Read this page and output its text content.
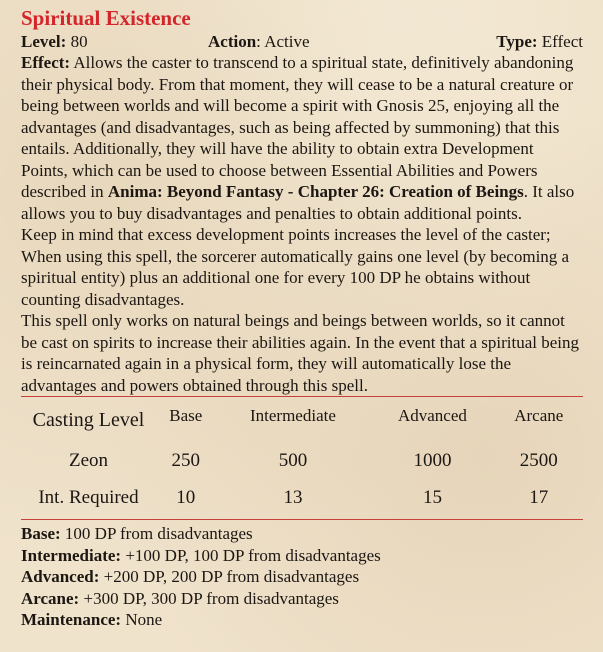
Spiritual Existence
Level: 80	Action: Active	Type: Effect

Effect: Allows the caster to transcend to a spiritual state, definitively abandoning their physical body. From that moment, they will cease to be a natural creature or being between worlds and will become a spirit with Gnosis 25, enjoying all the advantages (and disadvantages, such as being affected by summoning) that this entails. Additionally, they will have the ability to obtain extra Development Points, which can be used to choose between Essential Abilities and Powers described in Anima: Beyond Fantasy - Chapter 26: Creation of Beings. It also allows you to buy disadvantages and penalties to obtain additional points.

Keep in mind that excess development points increases the level of the caster; When using this spell, the sorcerer automatically gains one level (by becoming a spiritual entity) plus an additional one for every 100 DP he obtains without counting disadvantages.

This spell only works on natural beings and beings between worlds, so it cannot be cast on spirits to increase their abilities again. In the event that a spiritual being is reincarnated again in a physical form, they will automatically lose the advantages and powers obtained through this spell.

Casting Level	Base	Intermediate	Advanced	Arcane
Zeon	250	500	1000	2500
Int. Required	10	13	15	17
Base: 100 DP from disadvantages
Intermediate: +100 DP, 100 DP from disadvantages
Advanced: +200 DP, 200 DP from disadvantages
Arcane: +300 DP, 300 DP from disadvantages
Maintenance: None
